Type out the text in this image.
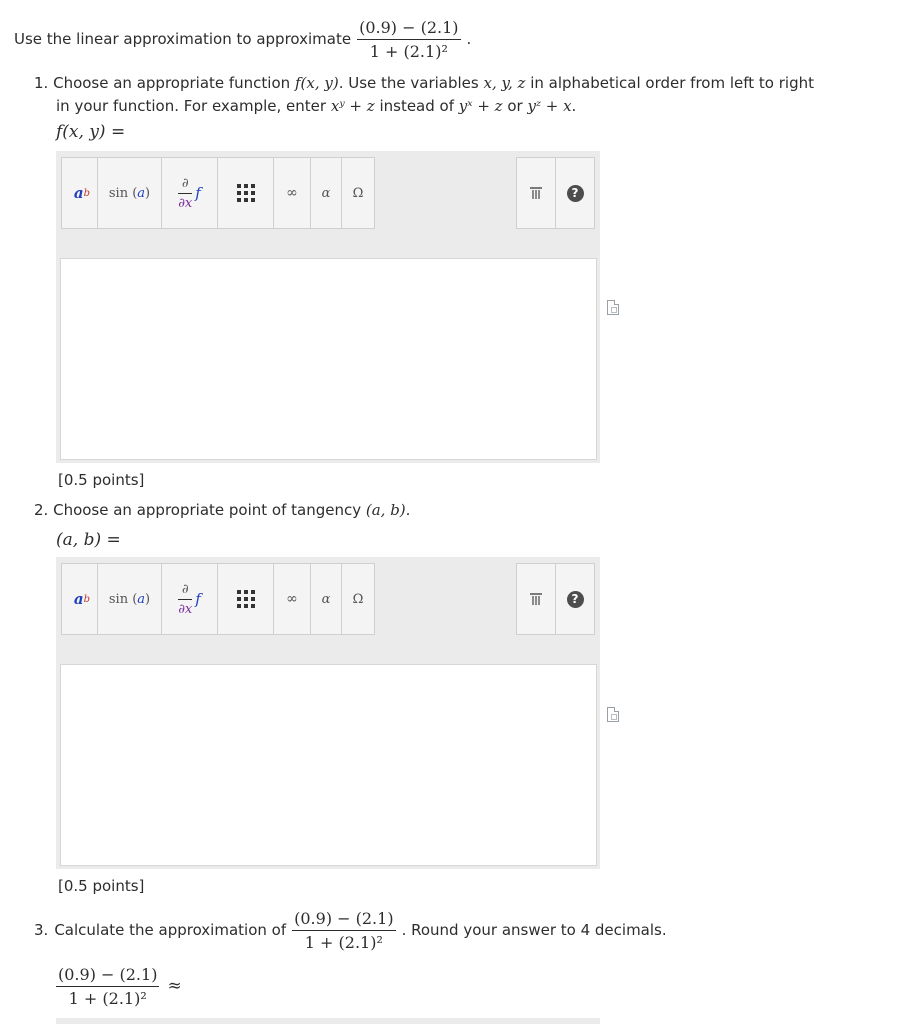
Use the linear approximation to approximate $\frac{(0.9) - (2.1)}{\text{1 + (2.1)²}}$ .
1. Choose an appropriate function f(x, y). Use the variables x, y, z in alphabetical order from left to right
in your function. For example, enter xʸ + z instead of yˣ + z or yᶻ + x.
f(x, y) =
a b sin ( a )	$\frac{\partial}{\partial x}$ f	∞ α Ω	?
[0.5 points]
2. Choose an appropriate point of tangency (a, b).
(a, b) =
a b sin ( a )	$\frac{\partial}{\partial x}$ f	∞ α Ω	?
[0.5 points]
3. Calculate the approximation of $\frac{(0.9) - (2.1)}{\text{1 + (2.1)²}}$ . Round your answer to 4 decimals.
$\frac{(0.9) - (2.1)}{\text{1 + (2.1)²}}$ ≈
